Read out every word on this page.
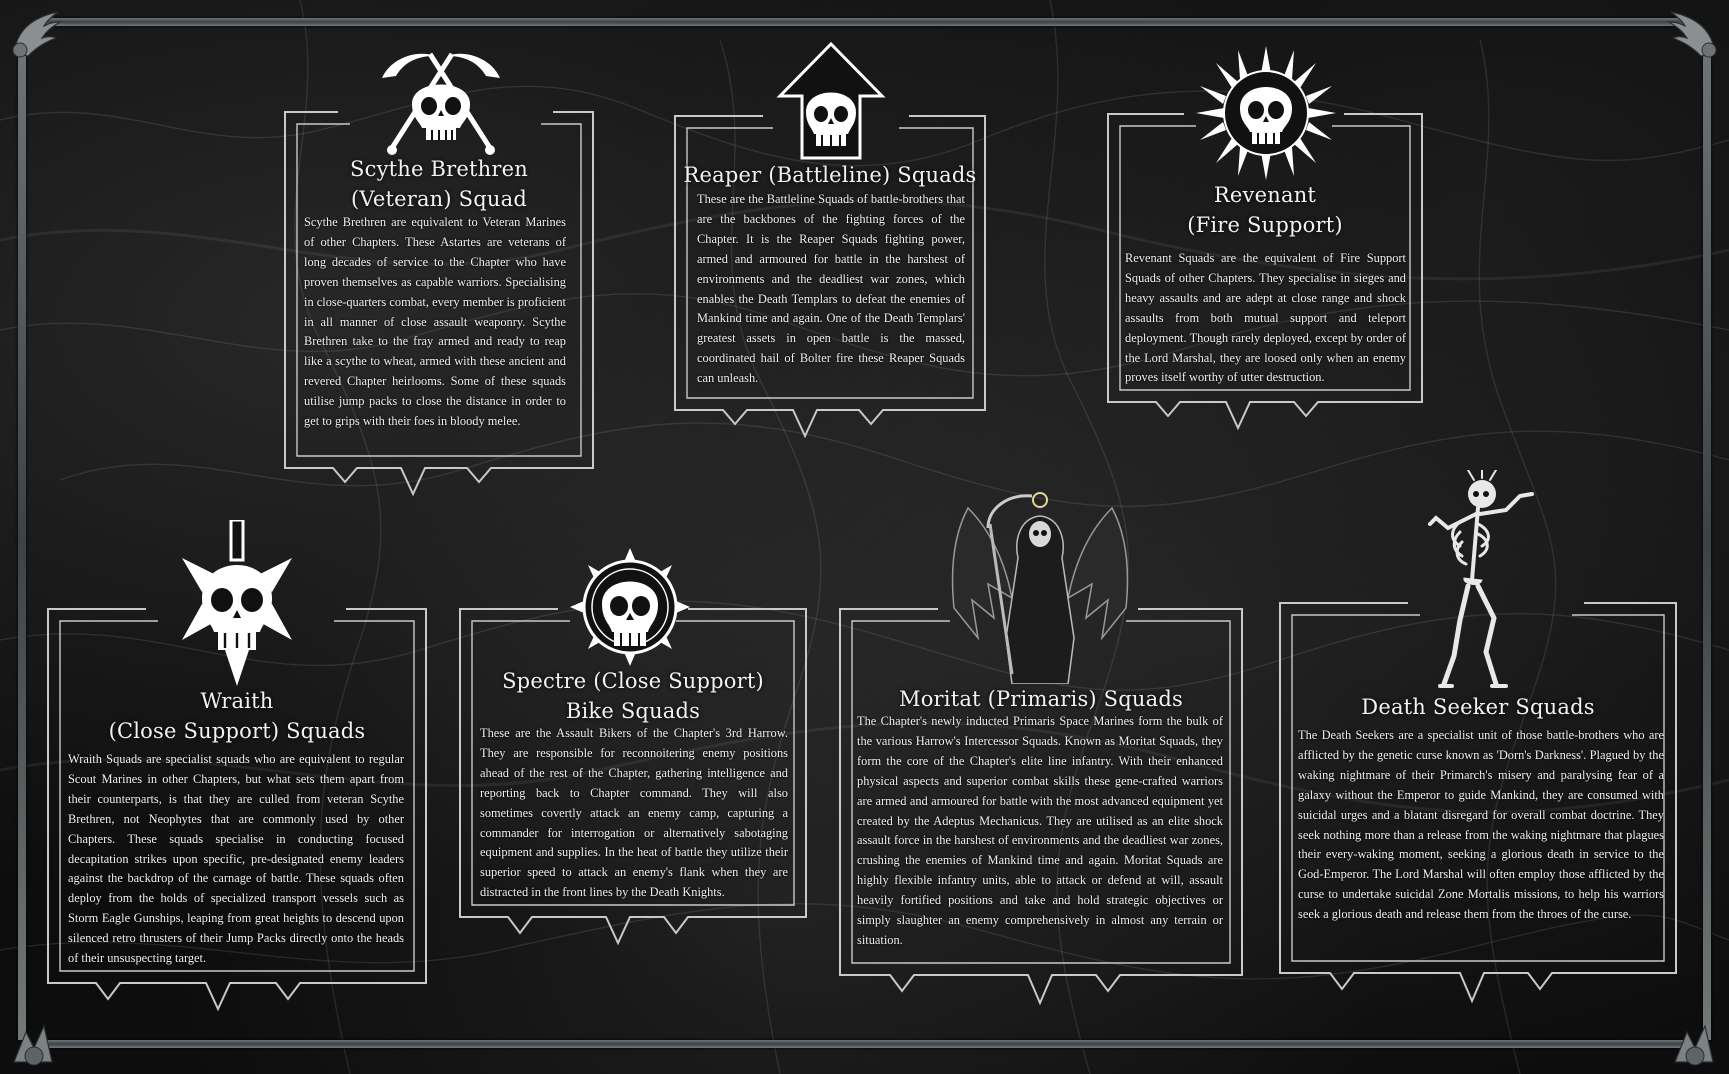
Scythe Brethren
(Veteran) Squad
Scythe Brethren are equivalent to Veteran Marines of other Chapters. These Astartes are veterans of long decades of service to the Chapter who have proven themselves as capable warriors. Specialising in close-quarters combat, every member is proficient in all manner of close assault weaponry. Scythe Brethren take to the fray armed and ready to reap like a scythe to wheat, armed with these ancient and revered Chapter heirlooms. Some of these squads utilise jump packs to close the distance in order to get to grips with their foes in bloody melee.
Reaper (Battleline) Squads
These are the Battleline Squads of battle-brothers that are the backbones of the fighting forces of the Chapter. It is the Reaper Squads fighting power, armed and armoured for battle in the harshest of environments and the deadliest war zones, which enables the Death Templars to defeat the enemies of Mankind time and again. One of the Death Templars' greatest assets in open battle is the massed, coordinated hail of Bolter fire these Reaper Squads can unleash.
Revenant
(Fire Support)
Revenant Squads are the equivalent of Fire Support Squads of other Chapters. They specialise in sieges and heavy assaults and are adept at close range and shock assaults from both mutual support and teleport deployment. Though rarely deployed, except by order of the Lord Marshal, they are loosed only when an enemy proves itself worthy of utter destruction.
Wraith
(Close Support) Squads
Wraith Squads are specialist squads who are equivalent to regular Scout Marines in other Chapters, but what sets them apart from their counterparts, is that they are culled from veteran Scythe Brethren, not Neophytes that are commonly used by other Chapters. These squads specialise in conducting focused decapitation strikes upon specific, pre-designated enemy leaders against the backdrop of the carnage of battle. These squads often deploy from the holds of specialized transport vessels such as Storm Eagle Gunships, leaping from great heights to descend upon silenced retro thrusters of their Jump Packs directly onto the heads of their unsuspecting target.
Spectre (Close Support)
Bike Squads
These are the Assault Bikers of the Chapter's 3rd Harrow. They are responsible for reconnoitering enemy positions ahead of the rest of the Chapter, gathering intelligence and reporting back to Chapter command. They will also sometimes covertly attack an enemy camp, capturing a commander for interrogation or alternatively sabotaging equipment and supplies. In the heat of battle they utilize their superior speed to attack an enemy's flank when they are distracted in the front lines by the Death Knights.
Moritat (Primaris) Squads
The Chapter's newly inducted Primaris Space Marines form the bulk of the various Harrow's Intercessor Squads. Known as Moritat Squads, they form the core of the Chapter's elite line infantry. With their enhanced physical aspects and superior combat skills these gene-crafted warriors are armed and armoured for battle with the most advanced equipment yet created by the Adeptus Mechanicus. They are utilised as an elite shock assault force in the harshest of environments and the deadliest war zones, crushing the enemies of Mankind time and again. Moritat Squads are highly flexible infantry units, able to attack or defend at will, assault heavily fortified positions and take and hold strategic objectives or simply slaughter an enemy comprehensively in almost any terrain or situation.
Death Seeker Squads
The Death Seekers are a specialist unit of those battle-brothers who are afflicted by the genetic curse known as 'Dorn's Darkness'. Plagued by the waking nightmare of their Primarch's misery and paralysing fear of a galaxy without the Emperor to guide Mankind, they are consumed with suicidal urges and a blatant disregard for overall combat doctrine. They seek nothing more than a release from the waking nightmare that plagues their every-waking moment, seeking a glorious death in service to the God-Emperor. The Lord Marshal will often employ those afflicted by the curse to undertake suicidal Zone Mortalis missions, to help his warriors seek a glorious death and release them from the throes of the curse.
